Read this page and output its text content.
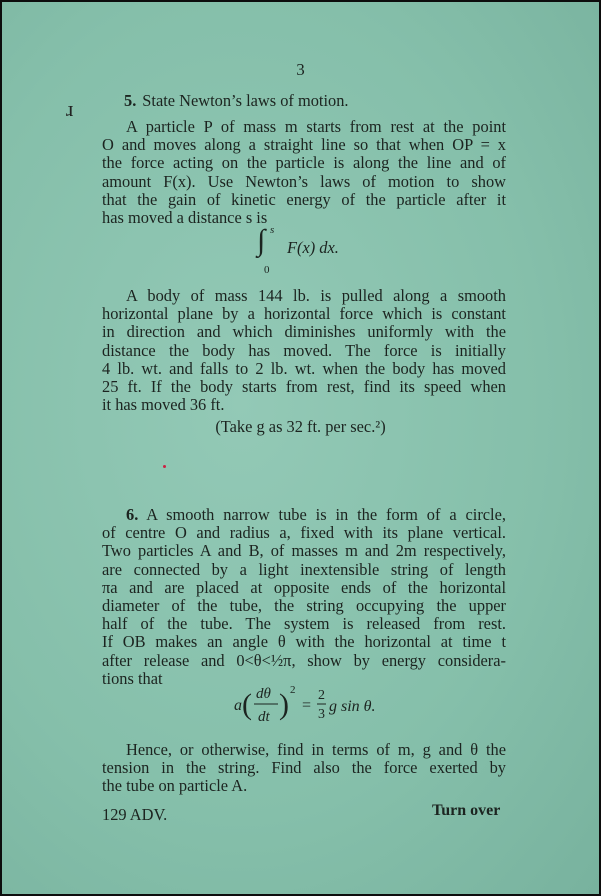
3
ɹ	5. State Newton’s laws of motion.
A particle P of mass m starts from rest at the point
O and moves along a straight line so that when OP = x
the force acting on the particle is along the line and of
amount F(x). Use Newton’s laws of motion to show
that the gain of kinetic energy of the particle after it
has moved a distance s is
∫ s
0
F(x) dx.
A body of mass 144 lb. is pulled along a smooth
horizontal plane by a horizontal force which is constant
in direction and which diminishes uniformly with the
distance the body has moved. The force is initially
4 lb. wt. and falls to 2 lb. wt. when the body has moved
25 ft. If the body starts from rest, find its speed when
it has moved 36 ft.
(Take g as 32 ft. per sec.²)
6. A smooth narrow tube is in the form of a circle,
of centre O and radius a, fixed with its plane vertical.
Two particles A and B, of masses m and 2m respectively,
are connected by a light inextensible string of length
πa and are placed at opposite ends of the horizontal
diameter of the tube, the string occupying the upper
half of the tube. The system is released from rest.
If OB makes an angle θ with the horizontal at time t
after release and 0<θ<½π, show by energy considera-
tions that
a ( dθ
dt ) 2
=
2
3 g sin θ.
Hence, or otherwise, find in terms of m, g and θ the
tension in the string. Find also the force exerted by
the tube on particle A.
129 ADV.	Turn over
